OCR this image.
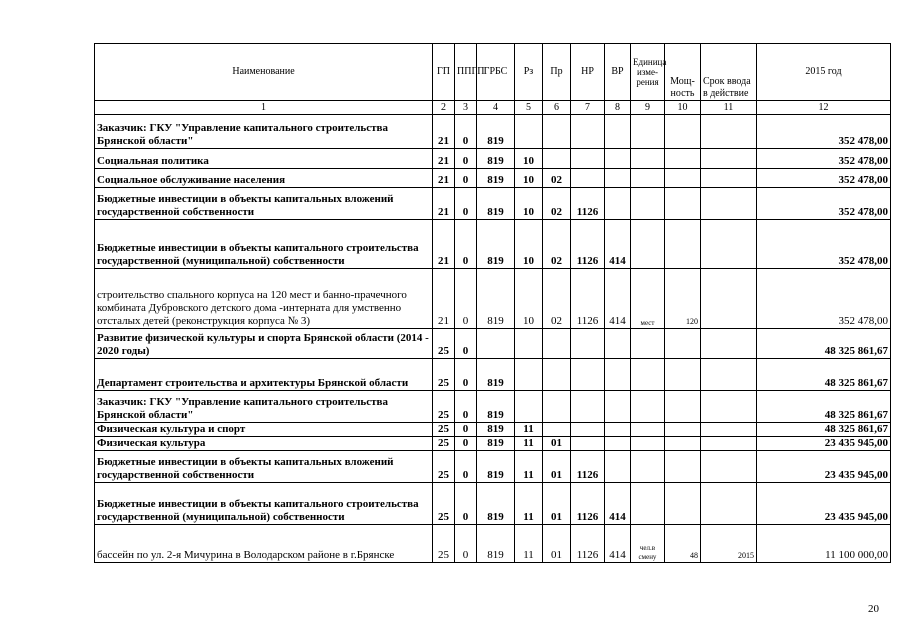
Наименование	ГП	ППГП	ГРБС	Рз	Пр	НР	ВР	Единица изме-рения	Мощ-ность	Срок ввода в действие	2015 год
1	2	3	4	5	6	7	8	9	10	11	12
Заказчик: ГКУ "Управление капитального строительства Брянской области"	21	0	819								352 478,00
Социальная политика	21	0	819	10							352 478,00
Социальное обслуживание населения	21	0	819	10	02						352 478,00
Бюджетные инвестиции в объекты капитальных вложений государственной собственности	21	0	819	10	02	1126					352 478,00
Бюджетные инвестиции в объекты капитального строительства государственной (муниципальной) собственности	21	0	819	10	02	1126	414				352 478,00
строительство спального корпуса на 120 мест и банно-прачечного комбината Дубровского детского дома -интерната для умственно отсталых детей (реконструкция корпуса № 3)	21	0	819	10	02	1126	414	мест	120		352 478,00
Развитие физической культуры и спорта Брянской области (2014 - 2020 годы)	25	0									48 325 861,67
Департамент строительства и архитектуры Брянской области	25	0	819								48 325 861,67
Заказчик: ГКУ "Управление капитального строительства Брянской области"	25	0	819								48 325 861,67
Физическая культура и спорт	25	0	819	11							48 325 861,67
Физическая культура	25	0	819	11	01						23 435 945,00
Бюджетные инвестиции в объекты капитальных вложений государственной собственности	25	0	819	11	01	1126					23 435 945,00
Бюджетные инвестиции в объекты капитального строительства государственной (муниципальной) собственности	25	0	819	11	01	1126	414				23 435 945,00
бассейн по ул. 2-я Мичурина в Володарском районе в г.Брянске	25	0	819	11	01	1126	414	чел.в смену	48	2015	11 100 000,00
20
